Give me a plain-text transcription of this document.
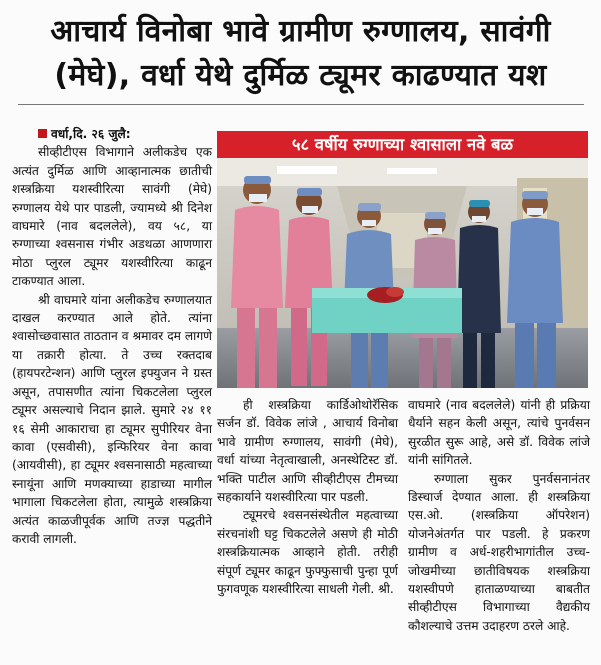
आचार्य विनोबा भावे ग्रामीण रुग्णालय, सावंगी
(मेघे), वर्धा येथे दुर्मिळ ट्यूमर काढण्यात यश

वर्धा,दि. २६ जुलै:

सीव्हीटीएस विभागाने अलीकडेच एक अत्यंत दुर्मिळ आणि आव्हानात्मक छातीची शस्त्रक्रिया यशस्वीरित्या सावंगी (मेघे) रुग्णालय येथे पार पाडली, ज्यामध्ये श्री दिनेश वाघमारे (नाव बदललेले), वय ५८, या रुग्णाच्या श्वसनास गंभीर अडथळा आणणारा मोठा प्लुरल ट्यूमर यशस्वीरित्या काढून टाकण्यात आला.

श्री वाघमारे यांना अलीकडेच रुग्णालयात दाखल करण्यात आले होते. त्यांना श्वासोच्छवासात ताठतान व श्रमावर दम लागणे या तक्रारी होत्या. ते उच्च रक्तदाब (हायपरटेन्शन) आणि प्लुरल इफ्युजन ने ग्रस्त असून, तपासणीत त्यांना चिकटलेला प्लुरल ट्यूमर असल्याचे निदान झाले. सुमारे २४ ११ १६ सेमी आकाराचा हा ट्यूमर सुपीरियर वेना कावा (एसवीसी), इन्फिरियर वेना कावा (आयवीसी), हा ट्यूमर श्वसनासाठी महत्वाच्या स्नायूंना आणि मणक्याच्या हाडाच्या मागील भागाला चिकटलेला होता, त्यामुळे शस्त्रक्रिया अत्यंत काळजीपूर्वक आणि तज्ज्ञ पद्धतीने करावी लागली.

५८ वर्षीय रुग्णाच्या श्वासाला नवे बळ

ही शस्त्रक्रिया कार्डिओथोरॅसिक सर्जन डॉ. विवेक लांजे , आचार्य विनोबा भावे ग्रामीण रुग्णालय, सावंगी (मेघे), वर्धा यांच्या नेतृत्वाखाली, अनस्थेटिस्ट डॉ. भक्ति पाटील आणि सीव्हीटीएस टीमच्या सहकार्याने यशस्वीरित्या पार पडली.

ट्यूमरचे श्वसनसंस्थेतील महत्वाच्या संरचनांशी घट्ट चिकटलेले असणे ही मोठी शस्त्रक्रियात्मक आव्हाने होती. तरीही संपूर्ण ट्यूमर काढून फुफ्फुसाची पुन्हा पूर्ण फुगवणूक यशस्वीरित्या साधली गेली. श्री.

वाघमारे (नाव बदललेले) यांनी ही प्रक्रिया धैर्याने सहन केली असून, त्यांचे पुनर्वसन सुरळीत सुरू आहे, असे डॉ. विवेक लांजे यांनी सांगितले.

रुग्णाला सुकर पुनर्वसनानंतर डिस्चार्ज देण्यात आला. ही शस्त्रक्रिया एस.ओ. (शस्त्रक्रिया ऑपरेशन) योजनेअंतर्गत पार पडली. हे प्रकरण ग्रामीण व अर्ध-शहरीभागांतील उच्च-जोखमीच्या छातीविषयक शस्त्रक्रिया यशस्वीपणे हाताळण्याच्या बाबतीत सीव्हीटीएस विभागाच्या वैद्यकीय कौशल्याचे उत्तम उदाहरण ठरले आहे.
